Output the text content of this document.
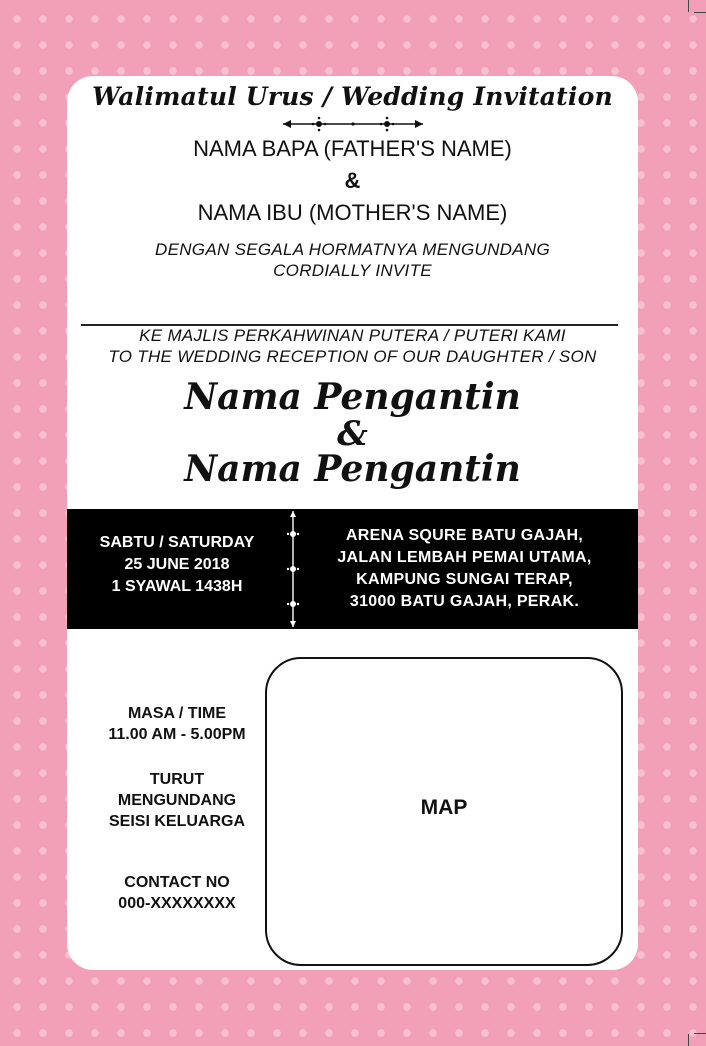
Walimatul Urus / Wedding Invitation
NAMA BAPA (FATHER'S NAME)
&
NAMA IBU (MOTHER'S NAME)
DENGAN SEGALA HORMATNYA MENGUNDANG
CORDIALLY INVITE
KE MAJLIS PERKAHWINAN PUTERA / PUTERI KAMI
TO THE WEDDING RECEPTION OF OUR DAUGHTER / SON
Nama Pengantin
&
Nama Pengantin
SABTU / SATURDAY
25 JUNE 2018
1 SYAWAL 1438H
ARENA SQURE BATU GAJAH,
JALAN LEMBAH PEMAI UTAMA,
KAMPUNG SUNGAI TERAP,
31000 BATU GAJAH, PERAK.
MASA / TIME
11.00 AM - 5.00PM
TURUT
MENGUNDANG
SEISI KELUARGA
CONTACT NO
000-XXXXXXXX
MAP
